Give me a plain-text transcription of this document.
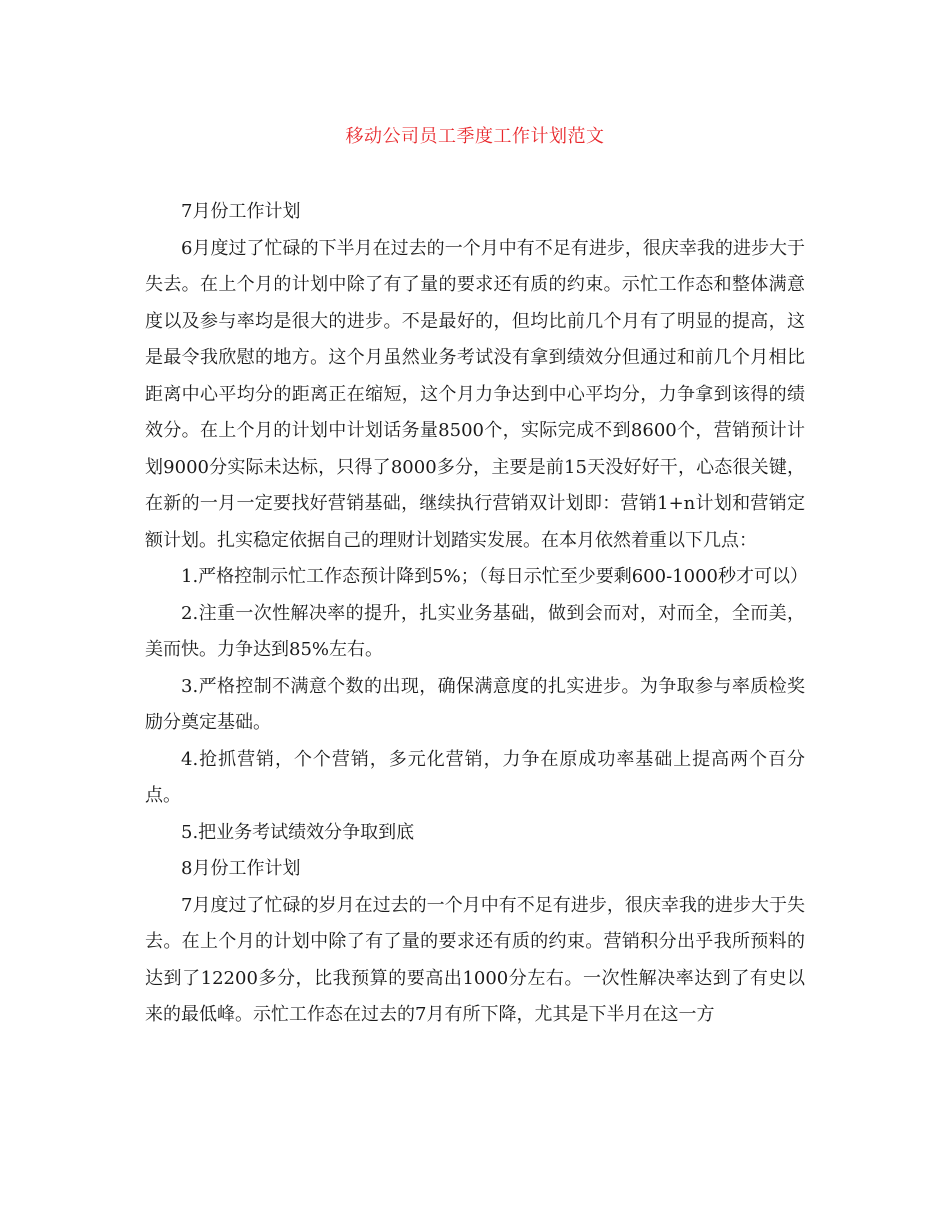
移动公司员工季度工作计划范文

7月份工作计划

6月度过了忙碌的下半月在过去的一个月中有不足有进步，很庆幸我的进步大于失去。在上个月的计划中除了有了量的要求还有质的约束。示忙工作态和整体满意度以及参与率均是很大的进步。不是最好的，但均比前几个月有了明显的提高，这是最令我欣慰的地方。这个月虽然业务考试没有拿到绩效分但通过和前几个月相比距离中心平均分的距离正在缩短，这个月力争达到中心平均分，力争拿到该得的绩效分。在上个月的计划中计划话务量8500个，实际完成不到8600个，营销预计计划9000分实际未达标，只得了8000多分，主要是前15天没好好干，心态很关键，在新的一月一定要找好营销基础，继续执行营销双计划即：营销1+n计划和营销定额计划。扎实稳定依据自己的理财计划踏实发展。在本月依然着重以下几点：

1.严格控制示忙工作态预计降到5%；（每日示忙至少要剩600-1000秒才可以）

2.注重一次性解决率的提升，扎实业务基础，做到会而对，对而全，全而美，美而快。力争达到85%左右。

3.严格控制不满意个数的出现，确保满意度的扎实进步。为争取参与率质检奖励分奠定基础。

4.抢抓营销，个个营销，多元化营销，力争在原成功率基础上提高两个百分点。

5.把业务考试绩效分争取到底

8月份工作计划

7月度过了忙碌的岁月在过去的一个月中有不足有进步，很庆幸我的进步大于失去。在上个月的计划中除了有了量的要求还有质的约束。营销积分出乎我所预料的达到了12200多分，比我预算的要高出1000分左右。一次性解决率达到了有史以来的最低峰。示忙工作态在过去的7月有所下降，尤其是下半月在这一方
